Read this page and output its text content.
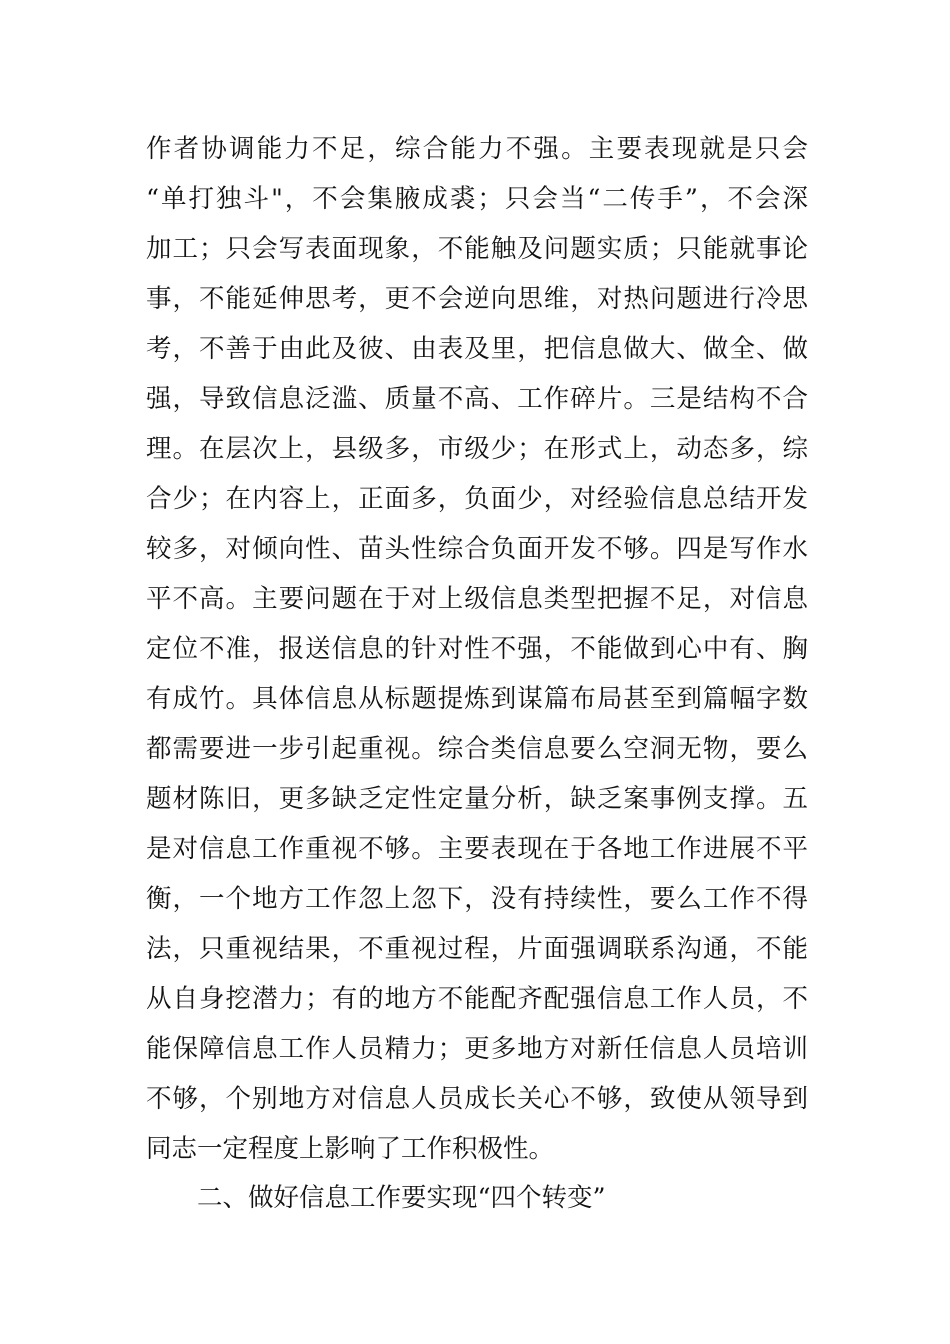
作者协调能力不足，综合能力不强。主要表现就是只会
“单打独斗"，不会集腋成裘；只会当“二传手”，不会深
加工；只会写表面现象，不能触及问题实质；只能就事论
事，不能延伸思考，更不会逆向思维，对热问题进行冷思
考，不善于由此及彼、由表及里，把信息做大、做全、做
强，导致信息泛滥、质量不高、工作碎片。三是结构不合
理。在层次上，县级多，市级少；在形式上，动态多，综
合少；在内容上，正面多，负面少，对经验信息总结开发
较多，对倾向性、苗头性综合负面开发不够。四是写作水
平不高。主要问题在于对上级信息类型把握不足，对信息
定位不准，报送信息的针对性不强，不能做到心中有、胸
有成竹。具体信息从标题提炼到谋篇布局甚至到篇幅字数
都需要进一步引起重视。综合类信息要么空洞无物，要么
题材陈旧，更多缺乏定性定量分析，缺乏案事例支撑。五
是对信息工作重视不够。主要表现在于各地工作进展不平
衡，一个地方工作忽上忽下，没有持续性，要么工作不得
法，只重视结果，不重视过程，片面强调联系沟通，不能
从自身挖潜力；有的地方不能配齐配强信息工作人员，不
能保障信息工作人员精力；更多地方对新任信息人员培训
不够，个别地方对信息人员成长关心不够，致使从领导到
同志一定程度上影响了工作积极性。
二、做好信息工作要实现“四个转变”
